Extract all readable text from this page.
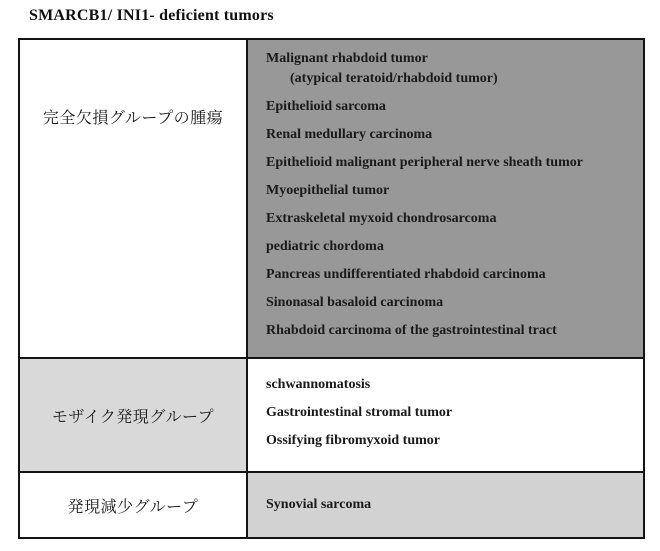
SMARCB1/ INI1- deficient tumors
完全欠損グループの腫瘍
Malignant rhabdoid tumor
(atypical teratoid/rhabdoid tumor)
Epithelioid sarcoma
Renal medullary carcinoma
Epithelioid malignant peripheral nerve sheath tumor
Myoepithelial tumor
Extraskeletal myxoid chondrosarcoma
pediatric chordoma
Pancreas undifferentiated rhabdoid carcinoma
Sinonasal basaloid carcinoma
Rhabdoid carcinoma of the gastrointestinal tract
モザイク発現グループ
schwannomatosis
Gastrointestinal stromal tumor
Ossifying fibromyxoid tumor
発現減少グループ	Synovial sarcoma
